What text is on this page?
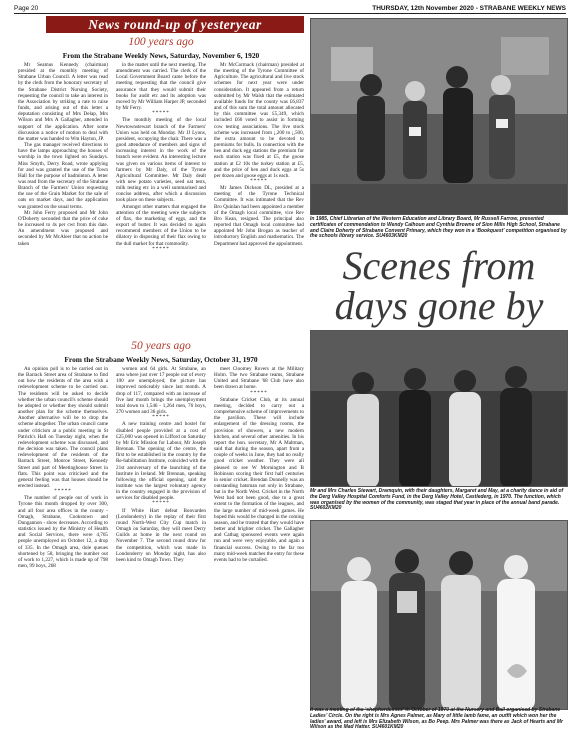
Page 20	THURSDAY, 12th November 2020 - STRABANE WEEKLY NEWS
News round-up of yesteryear
100 years ago
From the Strabane Weekly News, Saturday, November 6, 1920

Mr Seamus Kennedy (chairman) presided at the monthly meeting of Strabane Urban Council. A letter was read by the clerk from the honorary secretary of the Strabane District Nursing Society, requesting the council to take an interest in the Association by striking a rate to raise funds, and arising out of this letter a deputation consisting of Mrs Delap, Mrs Wilson and Mrs A Gallagher, attended in support of the application. After some discussion a notice of motion to deal with the matter was handed to Wm Hayton, JP.

The gas manager received directions to have the lamps approaching the houses of worship in the town lighted on Sundays. Miss Smyth, Derry Road, wrote applying for and was granted the use of the Town Hall for the purpose of badminton. A letter was read from the secretary of the Strabane Branch of the Farmers' Union requesting the use of the Grain Market for the sale of oats on market days, and the application was granted on the usual terms.

Mr John Ferry proposed and Mr John O'Doherty seconded that the price of coke be increased to 4s per cwt from this date. An amendment was proposed and seconded by Mr McAleer that no action be taken

in the matter until the next meeting. The amendment was carried. The clerk of the Local Government Board came before the meeting requesting that the council give assurance that they would submit their books for audit etc and its adoption was moved by Mr William Harper JP, seconded by Mr Ferry.

*****

The monthly meeting of the local Newtownstewart branch of the Farmers' Union was held on Monday. Mr JJ Lyons, president, occupying the chair. There was a good attendance of members and signs of increasing interest in the work of the branch were evident. An interesting lecture was given on various items of interest to farmers by Mr Daly, of the Tyrone Agricultural Committee. Mr Daly dealt with new potato varieties, seed oat tests, milk testing etc in a well summarised and concise address, after which a discussion took place on these subjects.

Amongst other matters that engaged the attention of the meeting were the subjects of flax, the marketing of eggs, and the export of butter. It was decided to again recommend members of the Union to be dilatory in disposing of their flax owing to the dull market for that commodity.

*****

Mr McCormack (chairman) presided at the meeting of the Tyrone Committee of Agriculture. The agricultural and live stock schemes for next year were under consideration. It appeared from a return submitted by Mr Walsh that the estimated available funds for the county was £6,837 and of this sum the total amount allocated by this committee was £5,349, which included £60 voted to assist in forming cow testing associations. The live stock scheme was increased from ¡,200 to ¡,500, the extra amount to be devoted to premiums for bulls. In connection with the hen and duck egg stations the premium for each station was fixed at £5, the goose station at £2 10s the turkey station at £5, and the price of hen and duck eggs at 5s per dozen and goose eggs at 1s each.

*****

Mr James Dickson DL, presided at a meeting of the Tyrone Technical Committee. It was intimated that the Rev Bro Quinlan had been appointed a member of the Omagh local committee, vice Rev Bro Kean, resigned. The principal also reported that Omagh local committee had appointed Mr John Brogan as teacher of introductory English and mathematics. The Department had approved the appointment.

50 years ago
From the Strabane Weekly News, Saturday, October 31, 1970

An opinion poll is to be carried out in the Barrack Street area of Strabane to find out how the residents of the area wish a redevelopment scheme to be carried out. The residents will be asked to decide whether the urban council's scheme should be adopted or whether they should submit another plan for the scheme themselves. Another alternative will be to drop the scheme altogether. The urban council came under criticism at a public meeting in St Patrick's Hall on Tuesday night, when the redevelopment scheme was discussed, and the decision was taken. The council plans redevelopment of the residents of the Barrack Street, Monroe Street, Kennedy Street and part of Meetinghouse Street in flats. This point was criticised and the general feeling was that houses should be erected instead.

*****

The number of people out of work in Tyrone this month dropped by over 300, and all four area offices in the county - Omagh, Strabane, Cookstown and Dungannon - show decreases. According to statistics issued by the Ministry of Health and Social Services, there were 4,765 people unemployed on October 12, a drop of 335. In the Omagh area, dole queues shortened by 58, bringing the number out of work to 1,227, which is made up of 798 men, 99 boys, 268

women and 64 girls. At Strabane, an area where just over 17 people out of every 100 are unemployed, the picture has improved noticeably since last month. A drop of 117, compared with an increase of five last month brings the unemployment total down to 1,546 - 1,264 men, 76 boys, 270 women and 36 girls.

*****

A new training centre and hostel for disabled people provided at a cost of £25,000 was opened in Lifford on Saturday by Mr Eric Mission for Labour, Mr Joseph Brennan. The opening of the centre, the first to be established in the country by the Re-habilitation Institute, coincided with the 21st anniversary of the launching of the Institute in Ireland. Mr Brennan, speaking following the official opening, said the institute was the largest voluntary agency in the country engaged in the provision of services for disabled people.

*****

If White Hart defeat Bonvarden (Londonderry) in the replay of their first round North-West City Cup match in Omagh on Saturday, they will meet Derry Guilds at home in the next round on November 7. The second round draw for the competition, which was made in Londonderry on Monday night, has also been kind to Omagh Town. They

meet Cloomey Rovers at the Military Holm. The two Strabane teams, Strabane United and Strabane '68 Club have also been drawn at home.

*****

Strabane Cricket Club, at its annual meeting, decided to carry out a comprehensive scheme of improvements to the pavilion. These will include enlargement of the dressing rooms, the provision of showers, a new modern kitchen, and several other amenities. In his report the hon. secretary, Mr A Maltman, said that during the season, apart from a couple of weeks in June, they had no really good cricket weather. They were all pleased to see W Mornington and B Robinson scoring their first half centuries in senior cricket. Brendan Donnelly was an outstanding batsman not only in Strabane, but in the North West. Cricket in the North West had not been good, due to a great extent to the formation of the leagues, and the large number of mid-week games. He hoped this would be changed in the coming season, and he trusted that they would have better and brighter cricket. The Gallagher and Cathag sponsored events were again run and were very enjoyable, and again a financial success. Owing to the far too many mid-week matches the entry for these events had to be curtailed.

In 1985, Chief Librarian of the Western Education and Library Board, Mr Russell Farrow, presented certificates of commendation to Wendy Calhoun and Cynthia Browne of Sion Mills High School, Strabane and Claire Doherty of Strabane Convent Primary, which they won in a ‘Bookquest’ competition organised by the schools library service. SU4603KM20
Scenes from days gone by
Mr and Mrs Charles Stewart, Dramquin, with their daughters, Margaret and May, at a charity dance in aid of the Derg Valley Hospital Comforts Fund, in the Derg Valley Hotel, Castlederg, in 1970. The function, which was organised by the women of the community, was staged that year in place of the annual band parade. SU4602KM20
It was a meeting of the ‘shepherdesses’ in October of 1970 at the Nursery and Ball organised by Strabane Ladies’ Circle. On the right is Mrs Agnes Palmer, as Mary of little lamb fame, an outfit which won her the ladies’ award, and left is Mrs Elizabeth Wilson, as Bo Peep. Mrs Palmer was there as Jack of Hearts and Mr Wilson as the Mad Hatter. SU4601KM20
